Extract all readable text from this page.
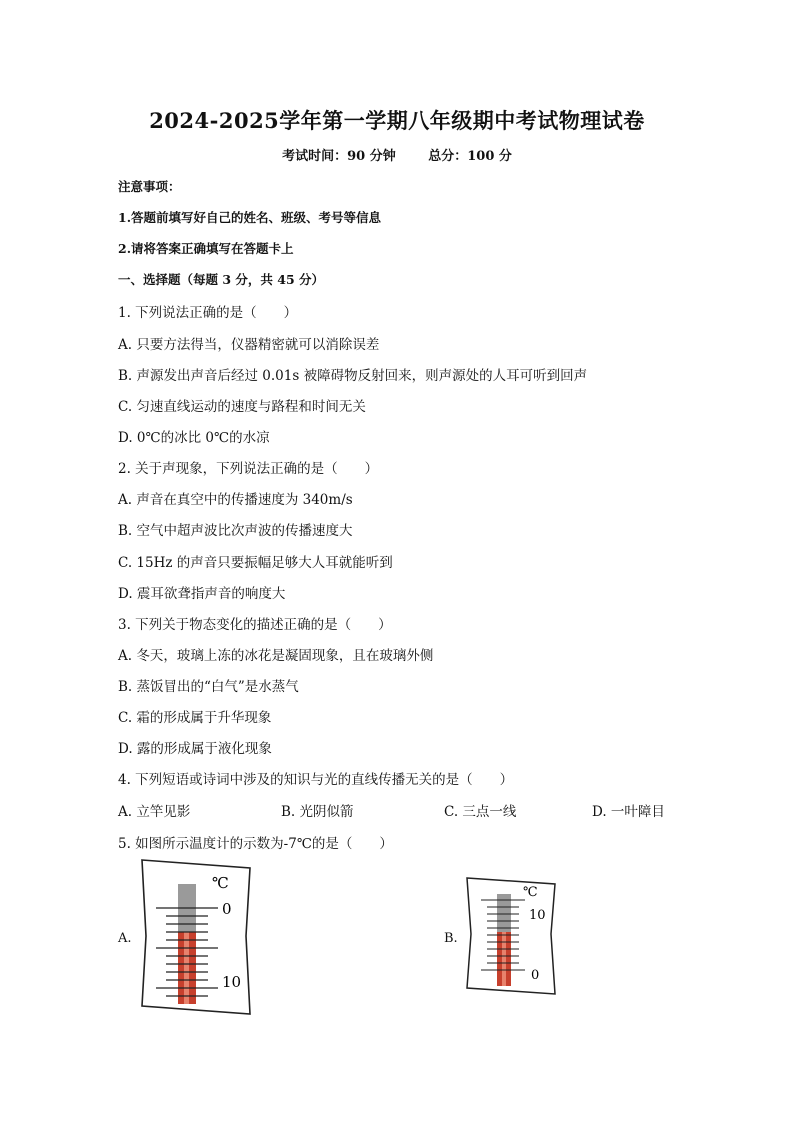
2024-2025学年第一学期八年级期中考试物理试卷
考试时间：90 分钟	总分：100 分
注意事项：
1.答题前填写好自己的姓名、班级、考号等信息
2.请将答案正确填写在答题卡上
一、选择题（每题 3 分，共 45 分）
1. 下列说法正确的是（　　）
A. 只要方法得当，仪器精密就可以消除误差
B. 声源发出声音后经过 0.01s 被障碍物反射回来，则声源处的人耳可听到回声
C. 匀速直线运动的速度与路程和时间无关
D. 0℃的冰比 0℃的水凉
2. 关于声现象，下列说法正确的是（　　）
A. 声音在真空中的传播速度为 340m/s
B. 空气中超声波比次声波的传播速度大
C. 15Hz 的声音只要振幅足够大人耳就能听到
D. 震耳欲聋指声音的响度大
3. 下列关于物态变化的描述正确的是（　　）
A. 冬天，玻璃上冻的冰花是凝固现象，且在玻璃外侧
B. 蒸饭冒出的“白气”是水蒸气
C. 霜的形成属于升华现象
D. 露的形成属于液化现象
4. 下列短语或诗词中涉及的知识与光的直线传播无关的是（　　）
A. 立竿见影	B. 光阴似箭	C. 三点一线	D. 一叶障目
5. 如图所示温度计的示数为-7℃的是（　　）
A.	B.
℃
0
10
℃
10
0
